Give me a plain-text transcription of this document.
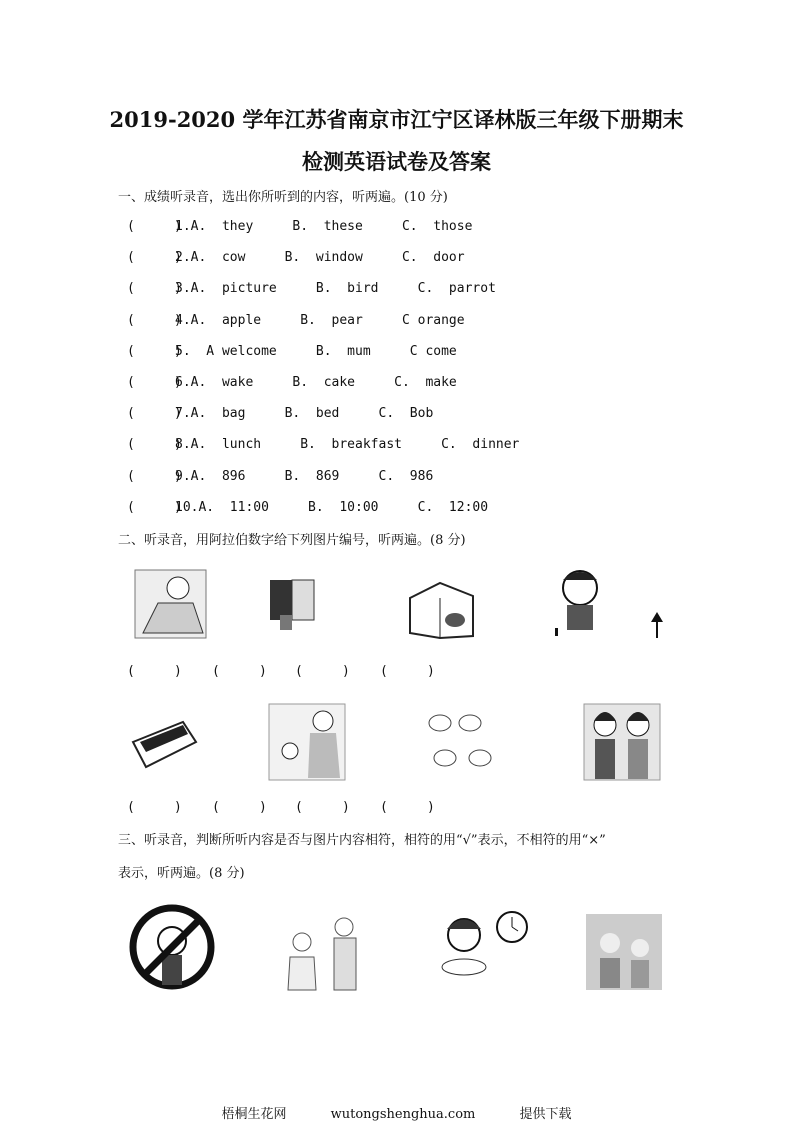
2019-2020 学年江苏省南京市江宁区译林版三年级下册期末
检测英语试卷及答案
一、成绩听录音，选出你所听到的内容，听两遍。(10 分)
(     )1.A.  they     B.  these     C.  those
(     )2.A.  cow     B.  window     C.  door
(     )3.A.  picture     B.  bird     C.  parrot
(     )4.A.  apple     B.  pear     C orange
(     )5.  A welcome     B.  mum     C come
(     )6.A.  wake     B.  cake     C.  make
(     )7.A.  bag     B.  bed     C.  Bob
(     )8.A.  lunch     B.  breakfast     C.  dinner
(     )9.A.  896     B.  869     C.  986
(     )10.A.  11:00     B.  10:00     C.  12:00
二、听录音，用阿拉伯数字给下列图片编号，听两遍。(8 分)
(     ) (     ) (     ) (     )
(     ) (     ) (     ) (     )
三、听录音，判断所听内容是否与图片内容相符，相符的用“√”表示，不相符的用“×”
表示，听两遍。(8 分)
梧桐生花网	wutongshenghua.com	提供下载
